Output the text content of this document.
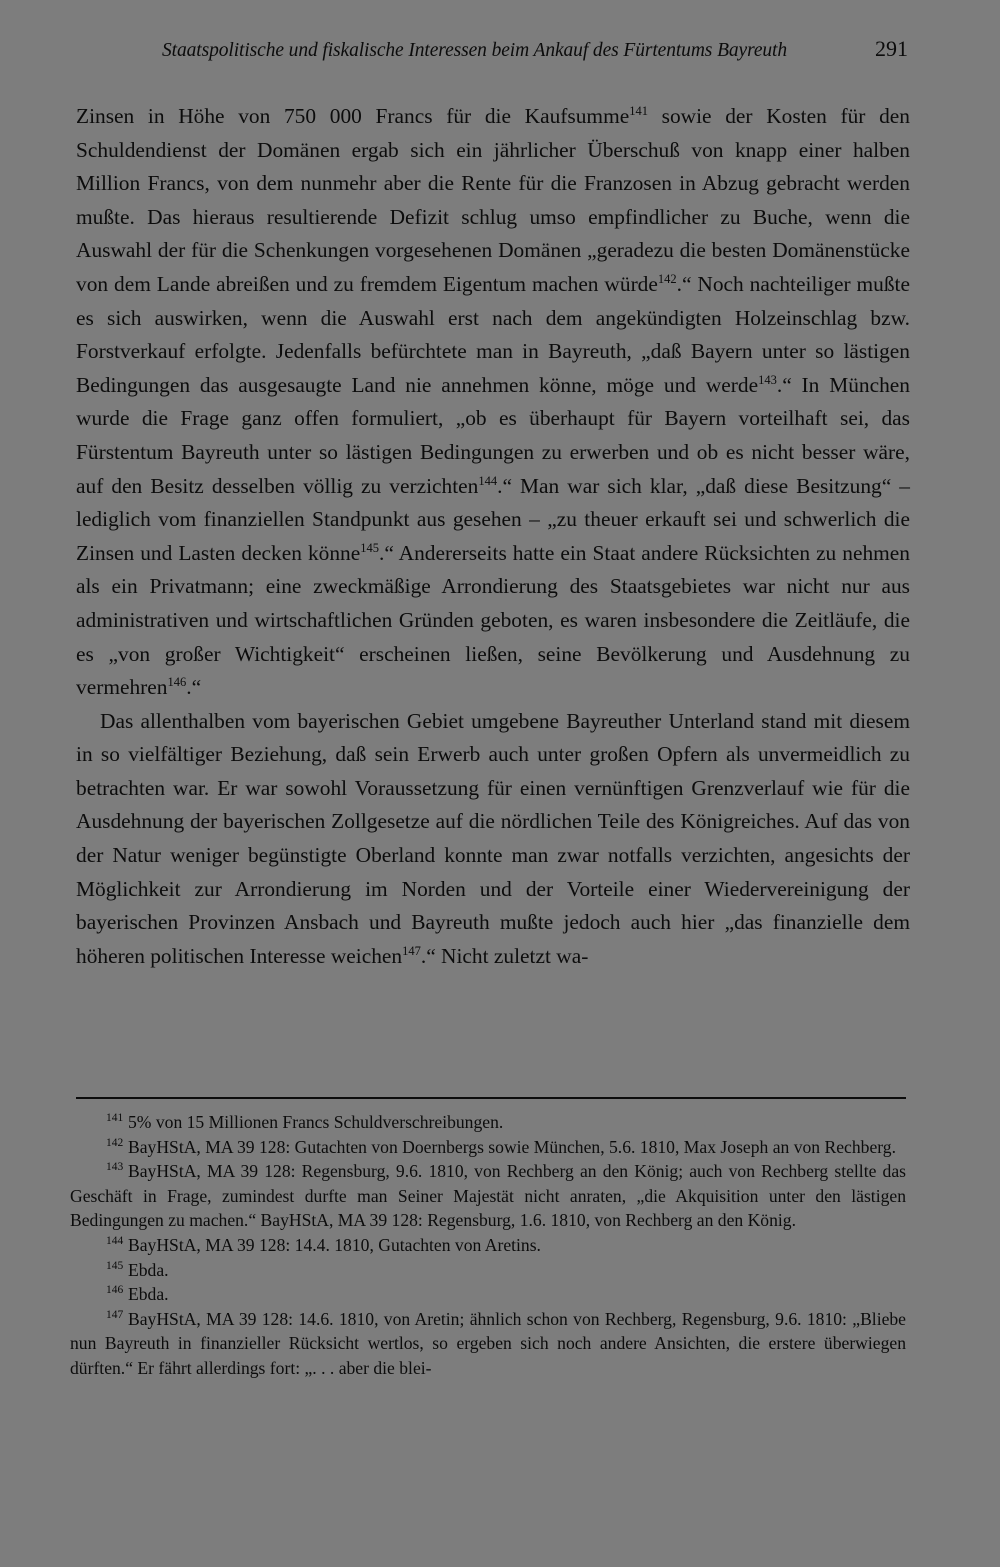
Staatspolitische und fiskalische Interessen beim Ankauf des Fürtentums Bayreuth	291

Zinsen in Höhe von 750 000 Francs für die Kaufsumme$^{141}$ sowie der Kosten für den Schuldendienst der Domänen ergab sich ein jährlicher Überschuß von knapp einer halben Million Francs, von dem nunmehr aber die Rente für die Franzosen in Abzug gebracht werden mußte. Das hieraus resultierende Defizit schlug umso empfindlicher zu Buche, wenn die Auswahl der für die Schenkungen vorgesehenen Domänen „geradezu die besten Domänenstücke von dem Lande abreißen und zu fremdem Eigentum machen würde$^{142}$.“ Noch nachteiliger mußte es sich auswirken, wenn die Auswahl erst nach dem angekündigten Holzeinschlag bzw. Forstverkauf erfolgte. Jedenfalls befürchtete man in Bayreuth, „daß Bayern unter so lästigen Bedingungen das ausgesaugte Land nie annehmen könne, möge und werde$^{143}$.“ In München wurde die Frage ganz offen formuliert, „ob es überhaupt für Bayern vorteilhaft sei, das Fürstentum Bayreuth unter so lästigen Bedingungen zu erwerben und ob es nicht besser wäre, auf den Besitz desselben völlig zu verzichten$^{144}$.“ Man war sich klar, „daß diese Besitzung“ – lediglich vom finanziellen Standpunkt aus gesehen – „zu theuer erkauft sei und schwerlich die Zinsen und Lasten decken könne$^{145}$.“ Andererseits hatte ein Staat andere Rücksichten zu nehmen als ein Privatmann; eine zweckmäßige Arrondierung des Staatsgebietes war nicht nur aus administrativen und wirtschaftlichen Gründen geboten, es waren insbesondere die Zeitläufe, die es „von großer Wichtigkeit“ erscheinen ließen, seine Bevölkerung und Ausdehnung zu vermehren$^{146}$.“

Das allenthalben vom bayerischen Gebiet umgebene Bayreuther Unterland stand mit diesem in so vielfältiger Beziehung, daß sein Erwerb auch unter großen Opfern als unvermeidlich zu betrachten war. Er war sowohl Voraussetzung für einen vernünftigen Grenzverlauf wie für die Ausdehnung der bayerischen Zollgesetze auf die nördlichen Teile des Königreiches. Auf das von der Natur weniger begünstigte Oberland konnte man zwar notfalls verzichten, angesichts der Möglichkeit zur Arrondierung im Norden und der Vorteile einer Wiedervereinigung der bayerischen Provinzen Ansbach und Bayreuth mußte jedoch auch hier „das finanzielle dem höheren politischen Interesse weichen$^{147}$.“ Nicht zuletzt wa-

141 5% von 15 Millionen Francs Schuldverschreibungen.

142 BayHStA, MA 39 128: Gutachten von Doernbergs sowie München, 5.6. 1810, Max Joseph an von Rechberg.

143 BayHStA, MA 39 128: Regensburg, 9.6. 1810, von Rechberg an den König; auch von Rechberg stellte das Geschäft in Frage, zumindest durfte man Seiner Majestät nicht anraten, „die Akquisition unter den lästigen Bedingungen zu machen.“ BayHStA, MA 39 128: Regensburg, 1.6. 1810, von Rechberg an den König.

144 BayHStA, MA 39 128: 14.4. 1810, Gutachten von Aretins.

145 Ebda.

146 Ebda.

147 BayHStA, MA 39 128: 14.6. 1810, von Aretin; ähnlich schon von Rechberg, Regensburg, 9.6. 1810: „Bliebe nun Bayreuth in finanzieller Rücksicht wertlos, so ergeben sich noch andere Ansichten, die erstere überwiegen dürften.“ Er fährt allerdings fort: „. . . aber die blei-
